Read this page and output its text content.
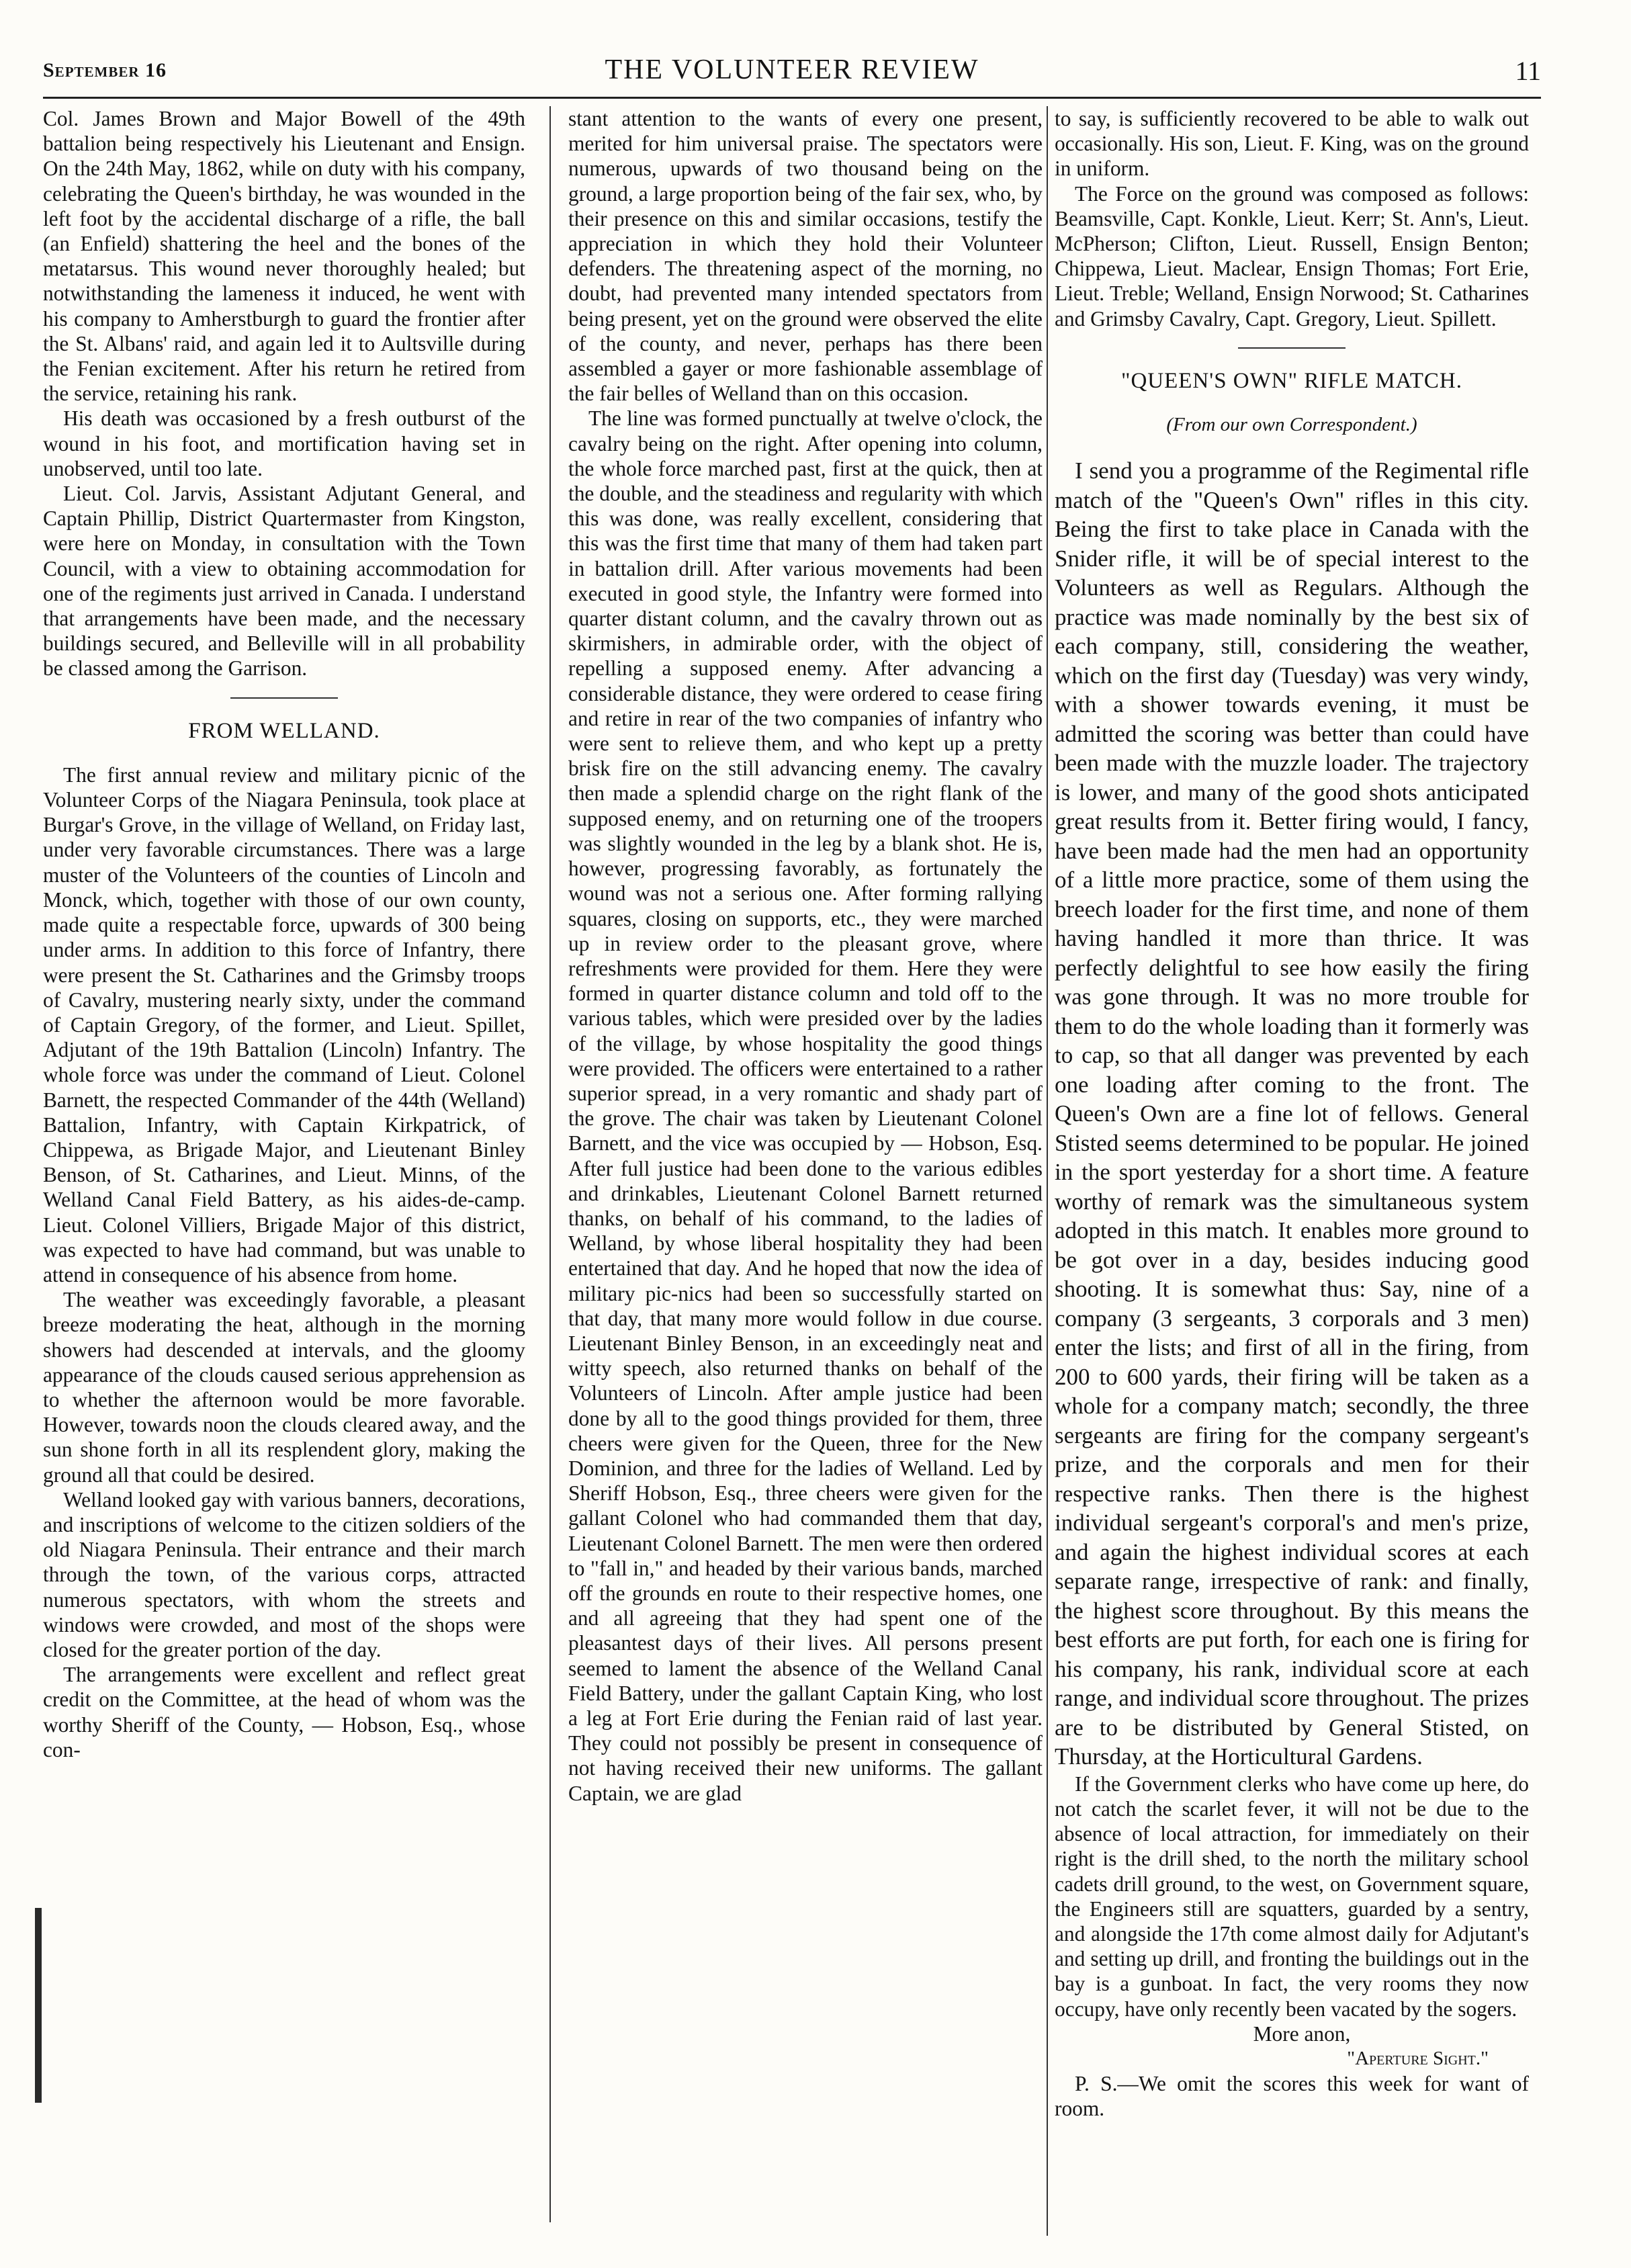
September 16	THE VOLUNTEER REVIEW	11

Col. James Brown and Major Bowell of the 49th battalion being respectively his Lieutenant and Ensign. On the 24th May, 1862, while on duty with his company, celebrating the Queen's birthday, he was wounded in the left foot by the accidental discharge of a rifle, the ball (an Enfield) shattering the heel and the bones of the metatarsus. This wound never thoroughly healed; but notwithstanding the lameness it induced, he went with his company to Amherstburgh to guard the frontier after the St. Albans' raid, and again led it to Aultsville during the Fenian excitement. After his return he retired from the service, retaining his rank.

His death was occasioned by a fresh outburst of the wound in his foot, and mortification having set in unobserved, until too late.

Lieut. Col. Jarvis, Assistant Adjutant General, and Captain Phillip, District Quartermaster from Kingston, were here on Monday, in consultation with the Town Council, with a view to obtaining accommodation for one of the regiments just arrived in Canada. I understand that arrangements have been made, and the necessary buildings secured, and Belleville will in all probability be classed among the Garrison.

FROM WELLAND.

The first annual review and military picnic of the Volunteer Corps of the Niagara Peninsula, took place at Burgar's Grove, in the village of Welland, on Friday last, under very favorable circumstances. There was a large muster of the Volunteers of the counties of Lincoln and Monck, which, together with those of our own county, made quite a respectable force, upwards of 300 being under arms. In addition to this force of Infantry, there were present the St. Catharines and the Grimsby troops of Cavalry, mustering nearly sixty, under the command of Captain Gregory, of the former, and Lieut. Spillet, Adjutant of the 19th Battalion (Lincoln) Infantry. The whole force was under the command of Lieut. Colonel Barnett, the respected Commander of the 44th (Welland) Battalion, Infantry, with Captain Kirkpatrick, of Chippewa, as Brigade Major, and Lieutenant Binley Benson, of St. Catharines, and Lieut. Minns, of the Welland Canal Field Battery, as his aides-de-camp. Lieut. Colonel Villiers, Brigade Major of this district, was expected to have had command, but was unable to attend in consequence of his absence from home.

The weather was exceedingly favorable, a pleasant breeze moderating the heat, although in the morning showers had descended at intervals, and the gloomy appearance of the clouds caused serious apprehension as to whether the afternoon would be more favorable. However, towards noon the clouds cleared away, and the sun shone forth in all its resplendent glory, making the ground all that could be desired.

Welland looked gay with various banners, decorations, and inscriptions of welcome to the citizen soldiers of the old Niagara Peninsula. Their entrance and their march through the town, of the various corps, attracted numerous spectators, with whom the streets and windows were crowded, and most of the shops were closed for the greater portion of the day.

The arrangements were excellent and reflect great credit on the Committee, at the head of whom was the worthy Sheriff of the County, — Hobson, Esq., whose con-

stant attention to the wants of every one present, merited for him universal praise. The spectators were numerous, upwards of two thousand being on the ground, a large proportion being of the fair sex, who, by their presence on this and similar occasions, testify the appreciation in which they hold their Volunteer defenders. The threatening aspect of the morning, no doubt, had prevented many intended spectators from being present, yet on the ground were observed the elite of the county, and never, perhaps has there been assembled a gayer or more fashionable assemblage of the fair belles of Welland than on this occasion.

The line was formed punctually at twelve o'clock, the cavalry being on the right. After opening into column, the whole force marched past, first at the quick, then at the double, and the steadiness and regularity with which this was done, was really excellent, considering that this was the first time that many of them had taken part in battalion drill. After various movements had been executed in good style, the Infantry were formed into quarter distant column, and the cavalry thrown out as skirmishers, in admirable order, with the object of repelling a supposed enemy. After advancing a considerable distance, they were ordered to cease firing and retire in rear of the two companies of infantry who were sent to relieve them, and who kept up a pretty brisk fire on the still advancing enemy. The cavalry then made a splendid charge on the right flank of the supposed enemy, and on returning one of the troopers was slightly wounded in the leg by a blank shot. He is, however, progressing favorably, as fortunately the wound was not a serious one. After forming rallying squares, closing on supports, etc., they were marched up in review order to the pleasant grove, where refreshments were provided for them. Here they were formed in quarter distance column and told off to the various tables, which were presided over by the ladies of the village, by whose hospitality the good things were provided. The officers were entertained to a rather superior spread, in a very romantic and shady part of the grove. The chair was taken by Lieutenant Colonel Barnett, and the vice was occupied by — Hobson, Esq. After full justice had been done to the various edibles and drinkables, Lieutenant Colonel Barnett returned thanks, on behalf of his command, to the ladies of Welland, by whose liberal hospitality they had been entertained that day. And he hoped that now the idea of military pic-nics had been so successfully started on that day, that many more would follow in due course. Lieutenant Binley Benson, in an exceedingly neat and witty speech, also returned thanks on behalf of the Volunteers of Lincoln. After ample justice had been done by all to the good things provided for them, three cheers were given for the Queen, three for the New Dominion, and three for the ladies of Welland. Led by Sheriff Hobson, Esq., three cheers were given for the gallant Colonel who had commanded them that day, Lieutenant Colonel Barnett. The men were then ordered to "fall in," and headed by their various bands, marched off the grounds en route to their respective homes, one and all agreeing that they had spent one of the pleasantest days of their lives. All persons present seemed to lament the absence of the Welland Canal Field Battery, under the gallant Captain King, who lost a leg at Fort Erie during the Fenian raid of last year. They could not possibly be present in consequence of not having received their new uniforms. The gallant Captain, we are glad

to say, is sufficiently recovered to be able to walk out occasionally. His son, Lieut. F. King, was on the ground in uniform.

The Force on the ground was composed as follows: Beamsville, Capt. Konkle, Lieut. Kerr; St. Ann's, Lieut. McPherson; Clifton, Lieut. Russell, Ensign Benton; Chippewa, Lieut. Maclear, Ensign Thomas; Fort Erie, Lieut. Treble; Welland, Ensign Norwood; St. Catharines and Grimsby Cavalry, Capt. Gregory, Lieut. Spillett.

"QUEEN'S OWN" RIFLE MATCH.
(From our own Correspondent.)

I send you a programme of the Regimental rifle match of the "Queen's Own" rifles in this city. Being the first to take place in Canada with the Snider rifle, it will be of special interest to the Volunteers as well as Regulars. Although the practice was made nominally by the best six of each company, still, considering the weather, which on the first day (Tuesday) was very windy, with a shower towards evening, it must be admitted the scoring was better than could have been made with the muzzle loader. The trajectory is lower, and many of the good shots anticipated great results from it. Better firing would, I fancy, have been made had the men had an opportunity of a little more practice, some of them using the breech loader for the first time, and none of them having handled it more than thrice. It was perfectly delightful to see how easily the firing was gone through. It was no more trouble for them to do the whole loading than it formerly was to cap, so that all danger was prevented by each one loading after coming to the front. The Queen's Own are a fine lot of fellows. General Stisted seems determined to be popular. He joined in the sport yesterday for a short time. A feature worthy of remark was the simultaneous system adopted in this match. It enables more ground to be got over in a day, besides inducing good shooting. It is somewhat thus: Say, nine of a company (3 sergeants, 3 corporals and 3 men) enter the lists; and first of all in the firing, from 200 to 600 yards, their firing will be taken as a whole for a company match; secondly, the three sergeants are firing for the company sergeant's prize, and the corporals and men for their respective ranks. Then there is the highest individual sergeant's corporal's and men's prize, and again the highest individual scores at each separate range, irrespective of rank: and finally, the highest score throughout. By this means the best efforts are put forth, for each one is firing for his company, his rank, individual score at each range, and individual score throughout. The prizes are to be distributed by General Stisted, on Thursday, at the Horticultural Gardens.

If the Government clerks who have come up here, do not catch the scarlet fever, it will not be due to the absence of local attraction, for immediately on their right is the drill shed, to the north the military school cadets drill ground, to the west, on Government square, the Engineers still are squatters, guarded by a sentry, and alongside the 17th come almost daily for Adjutant's and setting up drill, and fronting the buildings out in the bay is a gunboat. In fact, the very rooms they now occupy, have only recently been vacated by the sogers.

More anon,

"Aperture Sight."

P. S.—We omit the scores this week for want of room.
